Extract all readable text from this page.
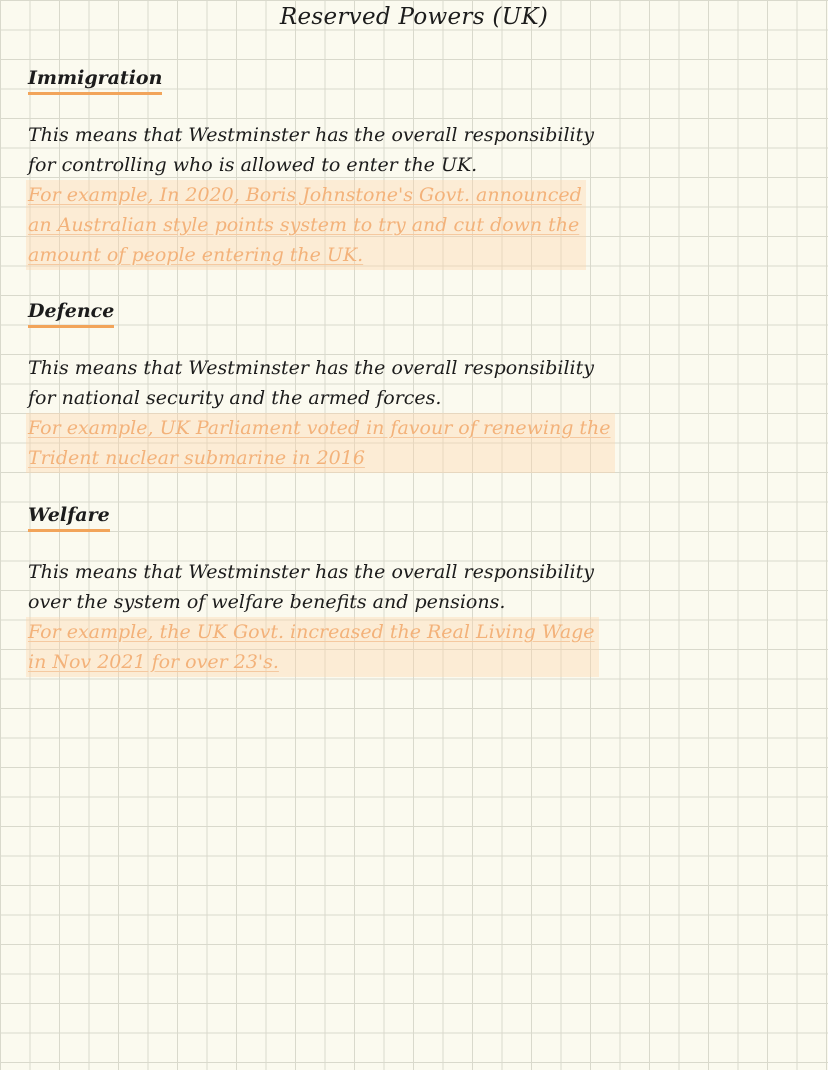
Reserved Powers (UK)
Immigration
This means that Westminster has the overall responsibility
for controlling who is allowed to enter the UK.
For example, In 2020, Boris Johnstone's Govt. announced
an Australian style points system to try and cut down the
amount of people entering the UK.
Defence
This means that Westminster has the overall responsibility
for national security and the armed forces.
For example, UK Parliament voted in favour of renewing the
Trident nuclear submarine in 2016
Welfare
This means that Westminster has the overall responsibility
over the system of welfare benefits and pensions.
For example, the UK Govt. increased the Real Living Wage
in Nov 2021 for over 23's.
